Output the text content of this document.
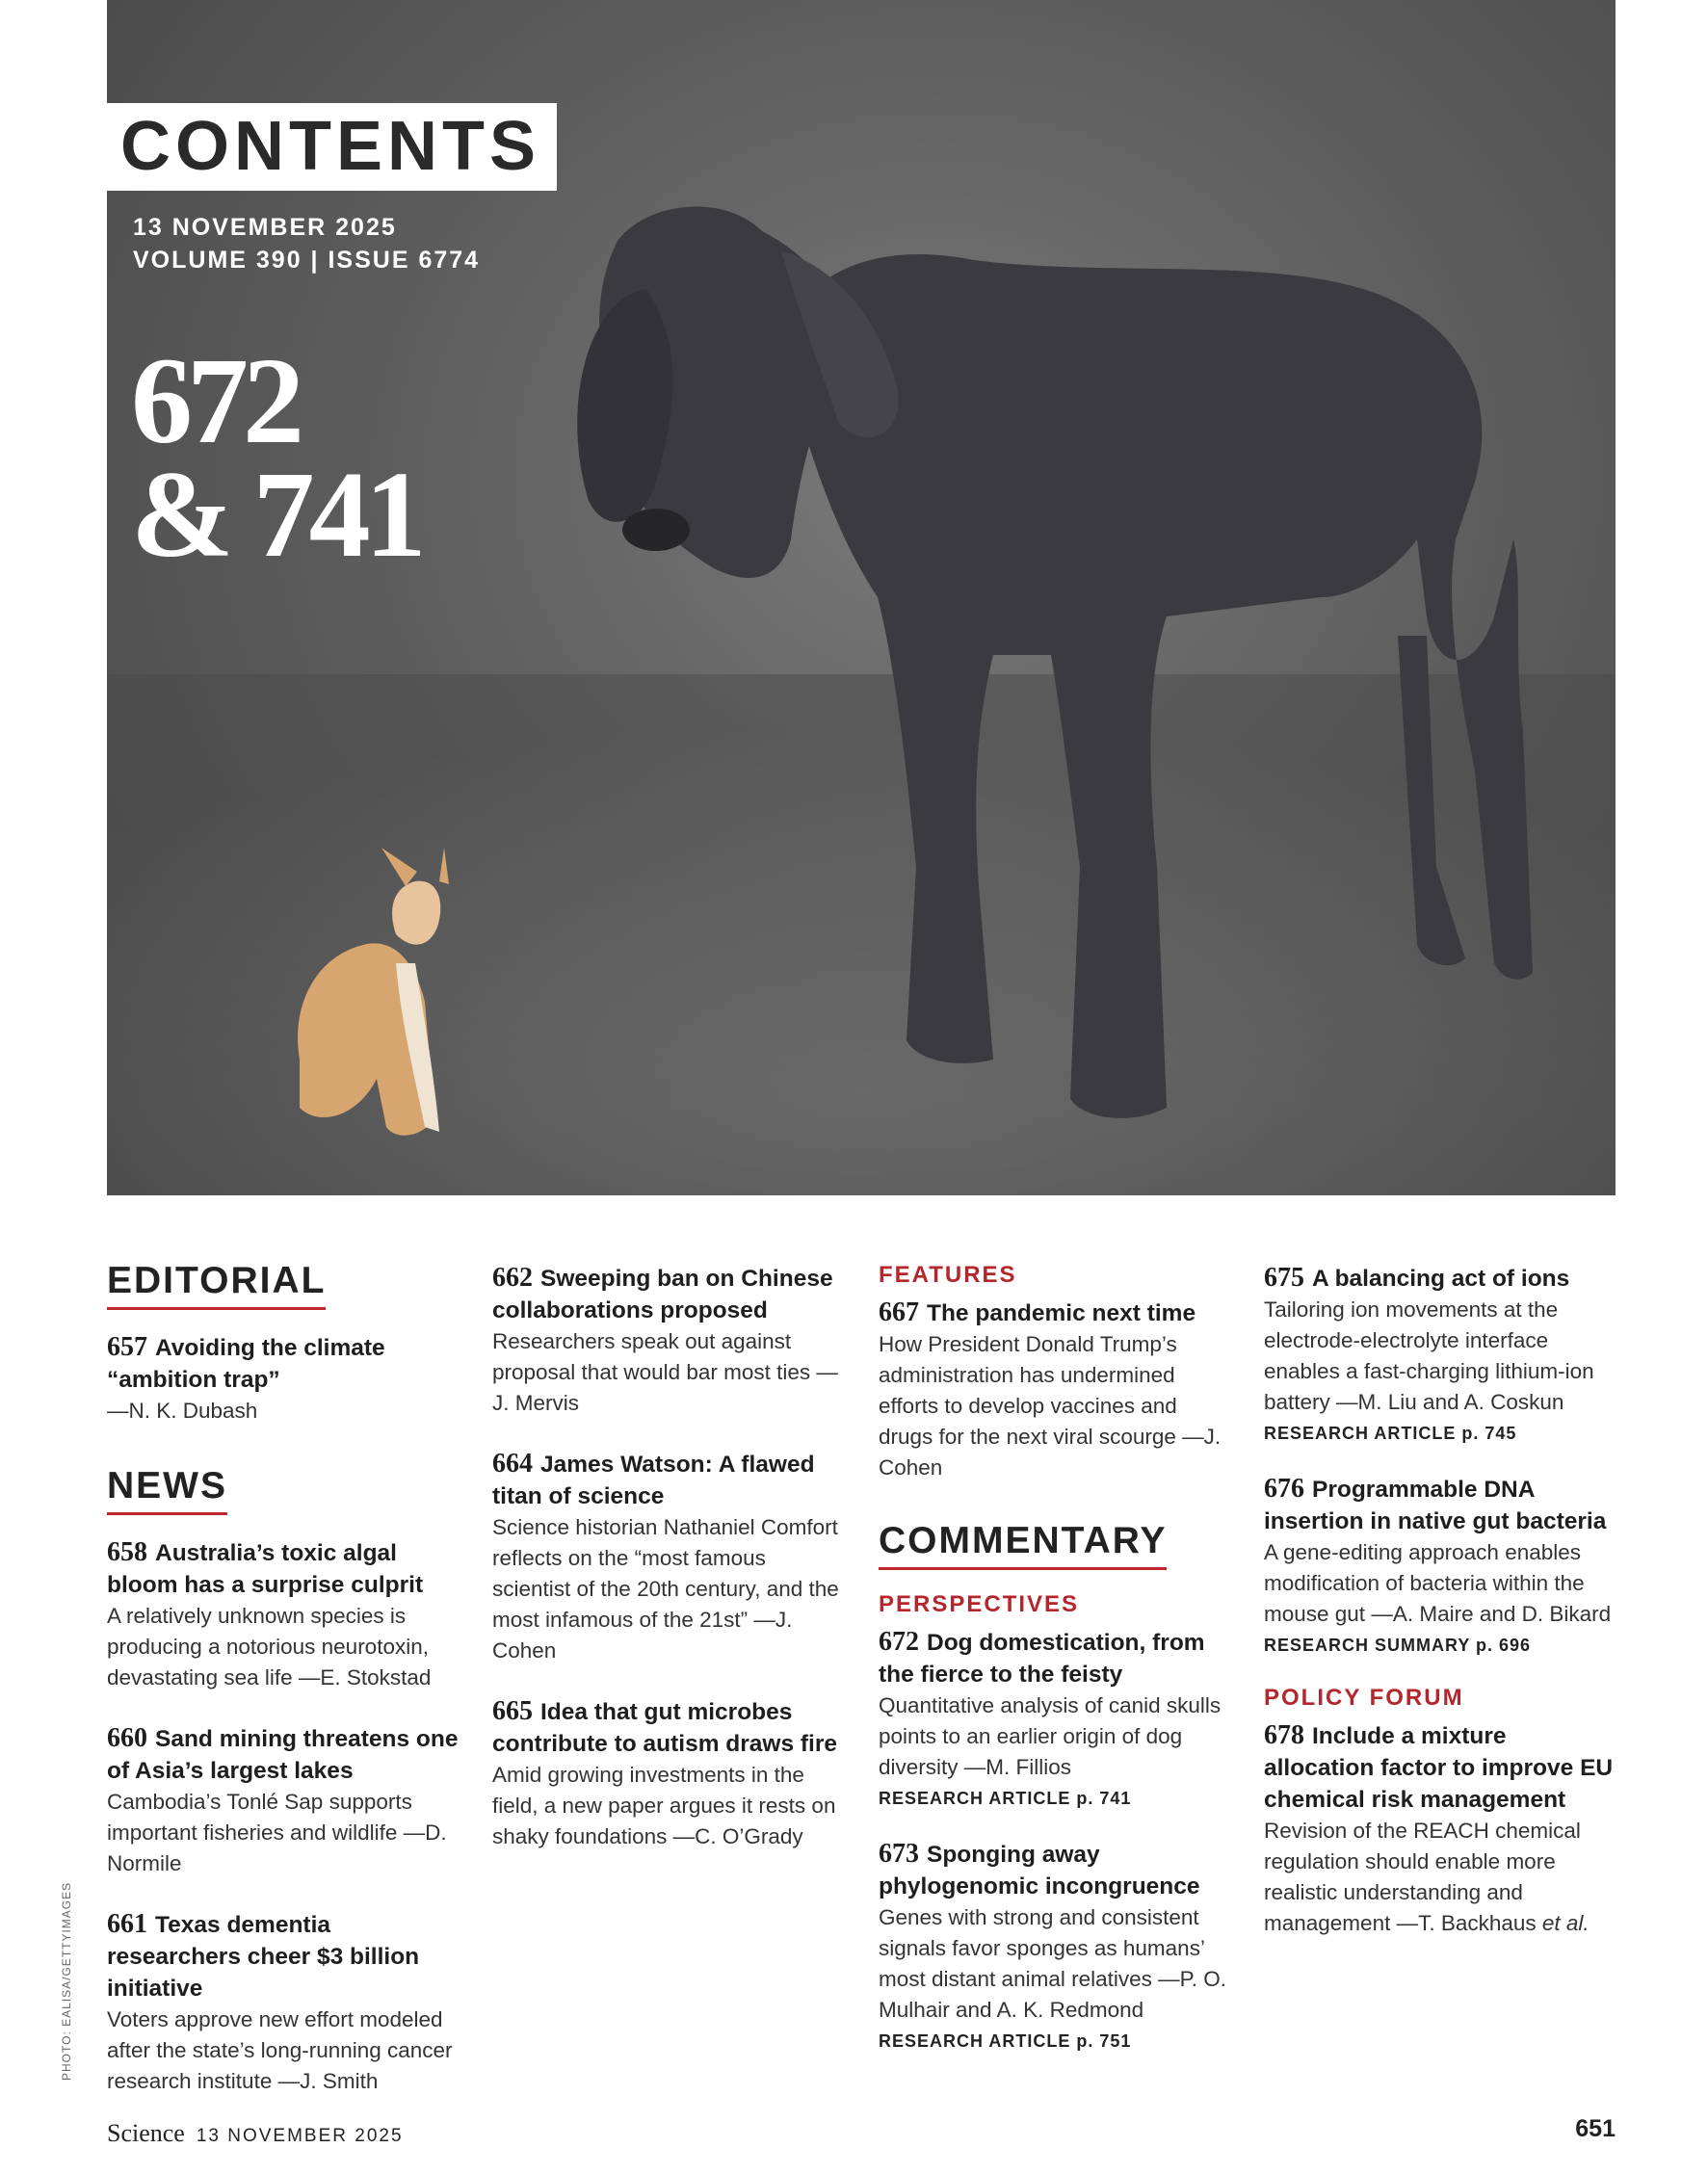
CONTENTS
13 NOVEMBER 2025
VOLUME 390 | ISSUE 6774
672
& 741
EDITORIAL
657 Avoiding the climate “ambition trap”
—N. K. Dubash
NEWS
658 Australia’s toxic algal bloom has a surprise culprit
A relatively unknown species is producing a notorious neurotoxin, devastating sea life —E. Stokstad
660 Sand mining threatens one of Asia’s largest lakes
Cambodia’s Tonlé Sap supports important fisheries and wildlife —D. Normile
661 Texas dementia researchers cheer $3 billion initiative
Voters approve new effort modeled after the state’s long-running cancer research institute —J. Smith
662 Sweeping ban on Chinese collaborations proposed
Researchers speak out against proposal that would bar most ties —J. Mervis
664 James Watson: A flawed titan of science
Science historian Nathaniel Comfort reflects on the “most famous scientist of the 20th century, and the most infamous of the 21st” —J. Cohen
665 Idea that gut microbes contribute to autism draws fire
Amid growing investments in the field, a new paper argues it rests on shaky foundations —C. O’Grady
FEATURES
667 The pandemic next time
How President Donald Trump’s administration has undermined efforts to develop vaccines and drugs for the next viral scourge —J. Cohen
COMMENTARY
PERSPECTIVES
672 Dog domestication, from the fierce to the feisty
Quantitative analysis of canid skulls points to an earlier origin of dog diversity —M. Fillios
RESEARCH ARTICLE p. 741
673 Sponging away phylogenomic incongruence
Genes with strong and consistent signals favor sponges as humans’ most distant animal relatives —P. O. Mulhair and A. K. Redmond
RESEARCH ARTICLE p. 751
675 A balancing act of ions
Tailoring ion movements at the electrode-electrolyte interface enables a fast-charging lithium-ion battery —M. Liu and A. Coskun
RESEARCH ARTICLE p. 745
676 Programmable DNA insertion in native gut bacteria
A gene-editing approach enables modification of bacteria within the mouse gut —A. Maire and D. Bikard
RESEARCH SUMMARY p. 696
POLICY FORUM
678 Include a mixture allocation factor to improve EU chemical risk management
Revision of the REACH chemical regulation should enable more realistic understanding and management —T. Backhaus et al.
PHOTO: EALISA/GETTYIMAGES
Science 13 NOVEMBER 2025	651
